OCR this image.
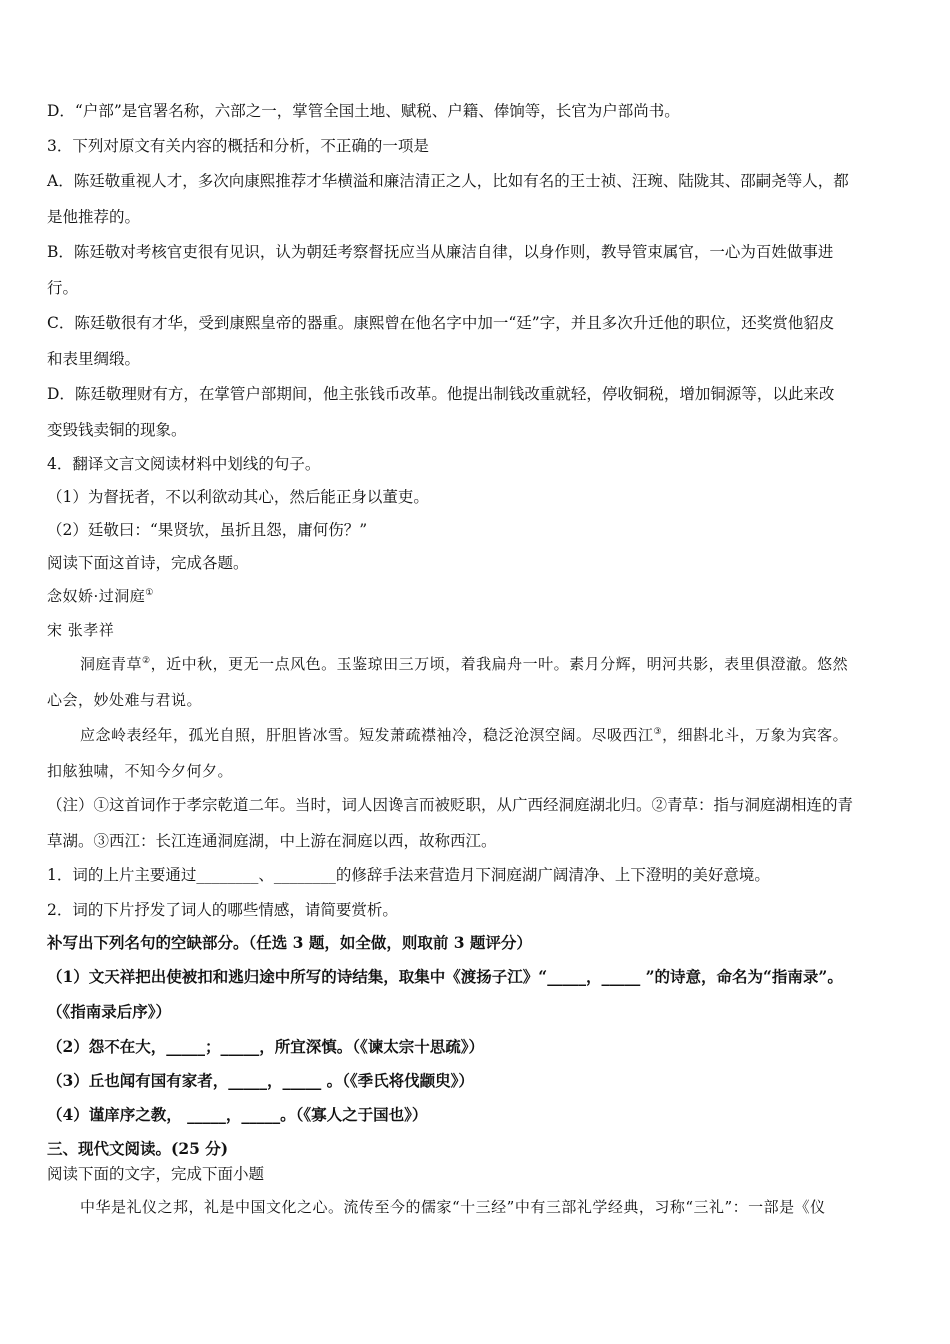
D．“户部”是官署名称，六部之一，掌管全国土地、赋税、户籍、俸饷等，长官为户部尚书。
3．下列对原文有关内容的概括和分析，不正确的一项是
A．陈廷敬重视人才，多次向康熙推荐才华横溢和廉洁清正之人，比如有名的王士祯、汪琬、陆陇其、邵嗣尧等人，都
是他推荐的。
B．陈廷敬对考核官吏很有见识，认为朝廷考察督抚应当从廉洁自律，以身作则，教导管束属官，一心为百姓做事进
行。
C．陈廷敬很有才华，受到康熙皇帝的器重。康熙曾在他名字中加一“廷”字，并且多次升迁他的职位，还奖赏他貂皮
和表里绸缎。
D．陈廷敬理财有方，在掌管户部期间，他主张钱币改革。他提出制钱改重就轻，停收铜税，增加铜源等，以此来改
变毁钱卖铜的现象。
4．翻译文言文阅读材料中划线的句子。
（1）为督抚者，不以利欲动其心，然后能正身以董吏。
（2）廷敬曰：“果贤欤，虽折且怨，庸何伤？”
阅读下面这首诗，完成各题。
念奴娇·过洞庭①
宋 张孝祥
洞庭青草②，近中秋，更无一点风色。玉鉴琼田三万顷，着我扁舟一叶。素月分辉，明河共影，表里俱澄澈。悠然
心会，妙处难与君说。
应念岭表经年，孤光自照，肝胆皆冰雪。短发萧疏襟袖冷，稳泛沧溟空阔。尽吸西江③，细斟北斗，万象为宾客。
扣舷独啸，不知今夕何夕。
（注）①这首词作于孝宗乾道二年。当时，词人因谗言而被贬职，从广西经洞庭湖北归。②青草：指与洞庭湖相连的青
草湖。③西江：长江连通洞庭湖，中上游在洞庭以西，故称西江。
1．词的上片主要通过________、________的修辞手法来营造月下洞庭湖广阔清净、上下澄明的美好意境。
2．词的下片抒发了词人的哪些情感，请简要赏析。
补写出下列名句的空缺部分。（任选 3 题，如全做，则取前 3 题评分）
（1）文天祥把出使被扣和逃归途中所写的诗结集，取集中《渡扬子江》“_____，_____ ”的诗意，命名为“指南录”。
（《指南录后序》）
（2）怨不在大，_____；_____，所宜深慎。（《谏太宗十思疏》）
（3）丘也闻有国有家者，_____，_____ 。（《季氏将伐颛臾》）
（4）谨庠序之教， _____，_____。（《寡人之于国也》）
三、现代文阅读。(25 分)
阅读下面的文字，完成下面小题
中华是礼仪之邦，礼是中国文化之心。流传至今的儒家“十三经”中有三部礼学经典，习称“三礼”：一部是《仪
